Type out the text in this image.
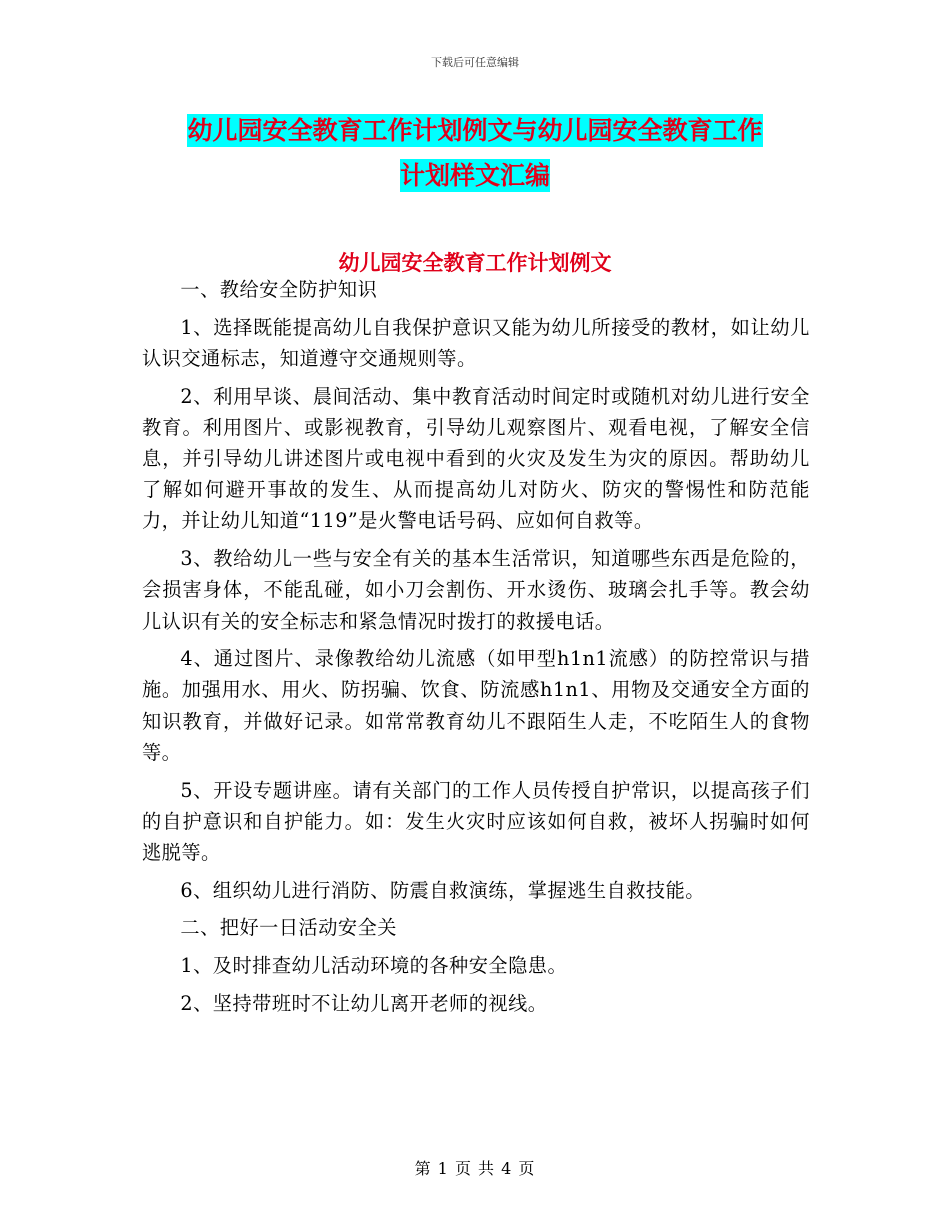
下载后可任意编辑
幼儿园安全教育工作计划例文与幼儿园安全教育工作
计划样文汇编
幼儿园安全教育工作计划例文

一、教给安全防护知识

1、选择既能提高幼儿自我保护意识又能为幼儿所接受的教材，如让幼儿认识交通标志，知道遵守交通规则等。

2、利用早谈、晨间活动、集中教育活动时间定时或随机对幼儿进行安全教育。利用图片、或影视教育，引导幼儿观察图片、观看电视，了解安全信息，并引导幼儿讲述图片或电视中看到的火灾及发生为灾的原因。帮助幼儿了解如何避开事故的发生、从而提高幼儿对防火、防灾的警惕性和防范能力，并让幼儿知道“119”是火警电话号码、应如何自救等。

3、教给幼儿一些与安全有关的基本生活常识，知道哪些东西是危险的，会损害身体，不能乱碰，如小刀会割伤、开水烫伤、玻璃会扎手等。教会幼儿认识有关的安全标志和紧急情况时拨打的救援电话。

4、通过图片、录像教给幼儿流感（如甲型h1n1流感）的防控常识与措施。加强用水、用火、防拐骗、饮食、防流感h1n1、用物及交通安全方面的知识教育，并做好记录。如常常教育幼儿不跟陌生人走，不吃陌生人的食物等。

5、开设专题讲座。请有关部门的工作人员传授自护常识，以提高孩子们的自护意识和自护能力。如：发生火灾时应该如何自救，被坏人拐骗时如何逃脱等。

6、组织幼儿进行消防、防震自救演练，掌握逃生自救技能。

二、把好一日活动安全关

1、及时排查幼儿活动环境的各种安全隐患。

2、坚持带班时不让幼儿离开老师的视线。

第 1 页 共 4 页
